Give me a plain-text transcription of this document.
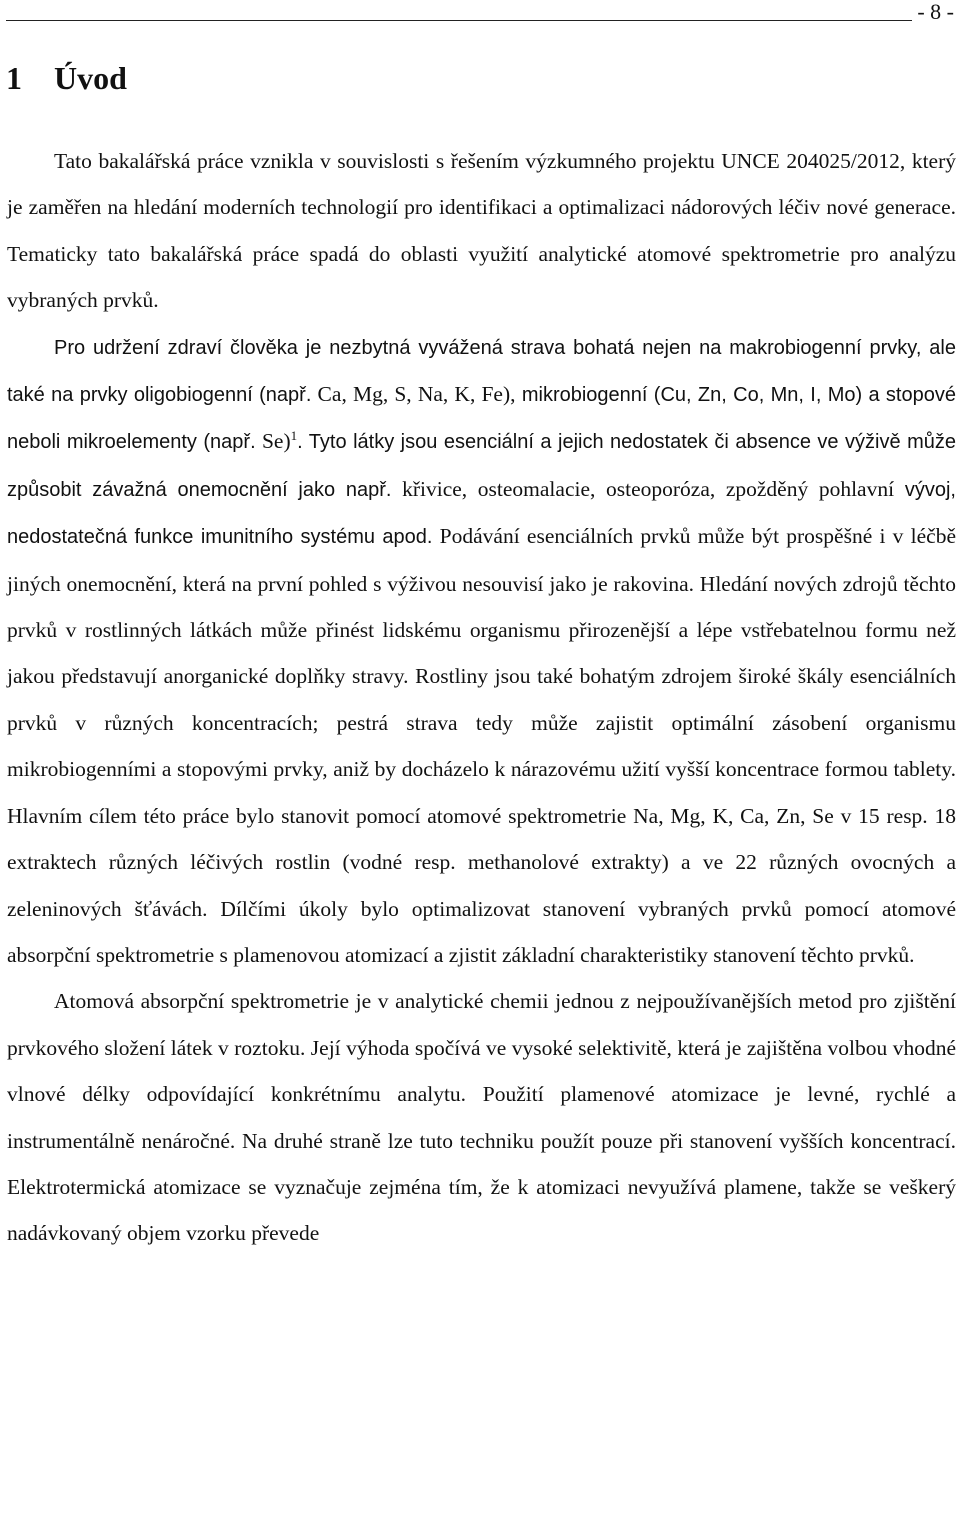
- 8 -
1 Úvod

Tato bakalářská práce vznikla v souvislosti s řešením výzkumného projektu UNCE 204025/2012, který je zaměřen na hledání moderních technologií pro identifikaci a optimalizaci nádorových léčiv nové generace. Tematicky tato bakalářská práce spadá do oblasti využití analytické atomové spektrometrie pro analýzu vybraných prvků.

Pro udržení zdraví člověka je nezbytná vyvážená strava bohatá nejen na makrobiogenní prvky, ale také na prvky oligobiogenní (např. Ca, Mg, S, Na, K, Fe), mikrobiogenní (Cu, Zn, Co, Mn, I, Mo) a stopové neboli mikroelementy (např. Se)$^1$. Tyto látky jsou esenciální a jejich nedostatek či absence ve výživě může způsobit závažná onemocnění jako např. křivice, osteomalacie, osteoporóza, zpožděný pohlavní vývoj, nedostatečná funkce imunitního systému apod. Podávání esenciálních prvků může být prospěšné i v léčbě jiných onemocnění, která na první pohled s výživou nesouvisí jako je rakovina. Hledání nových zdrojů těchto prvků v rostlinných látkách může přinést lidskému organismu přirozenější a lépe vstřebatelnou formu než jakou představují anorganické doplňky stravy. Rostliny jsou také bohatým zdrojem široké škály esenciálních prvků v různých koncentracích; pestrá strava tedy může zajistit optimální zásobení organismu mikrobiogenními a stopovými prvky, aniž by docházelo k nárazovému užití vyšší koncentrace formou tablety. Hlavním cílem této práce bylo stanovit pomocí atomové spektrometrie Na, Mg, K, Ca, Zn, Se v 15 resp. 18 extraktech různých léčivých rostlin (vodné resp. methanolové extrakty) a ve 22 různých ovocných a zeleninových šťávách. Dílčími úkoly bylo optimalizovat stanovení vybraných prvků pomocí atomové absorpční spektrometrie s plamenovou atomizací a zjistit základní charakteristiky stanovení těchto prvků.

Atomová absorpční spektrometrie je v analytické chemii jednou z nejpoužívanějších metod pro zjištění prvkového složení látek v roztoku. Její výhoda spočívá ve vysoké selektivitě, která je zajištěna volbou vhodné vlnové délky odpovídající konkrétnímu analytu. Použití plamenové atomizace je levné, rychlé a instrumentálně nenáročné. Na druhé straně lze tuto techniku použít pouze při stanovení vyšších koncentrací. Elektrotermická atomizace se vyznačuje zejména tím, že k atomizaci nevyužívá plamene, takže se veškerý nadávkovaný objem vzorku převede
